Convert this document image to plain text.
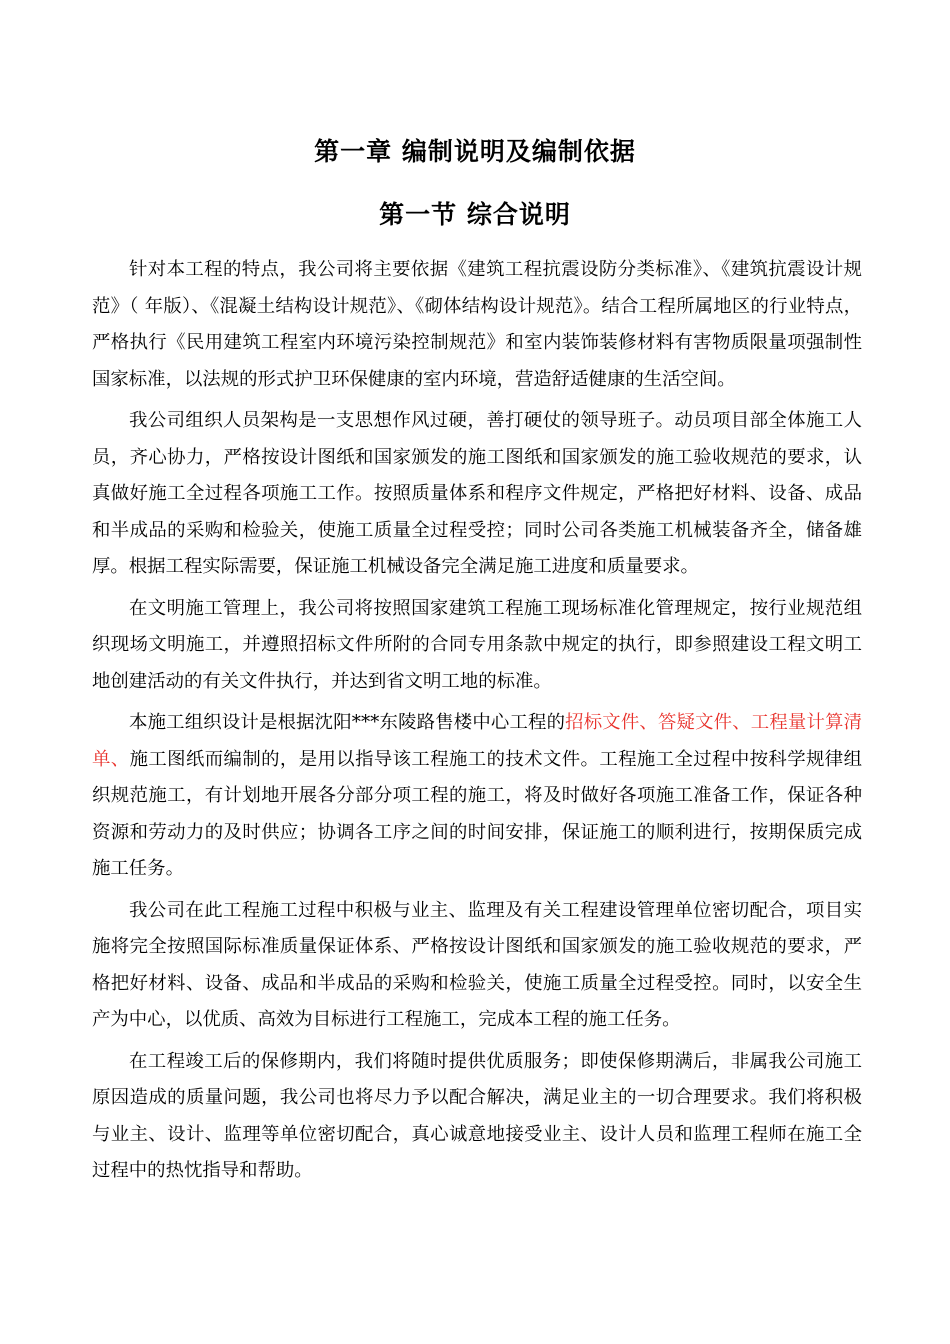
第一章 编制说明及编制依据
第一节 综合说明

针对本工程的特点，我公司将主要依据《建筑工程抗震设防分类标准》、《建筑抗震设计规范》（ 年版）、《混凝土结构设计规范》、《砌体结构设计规范》。结合工程所属地区的行业特点，严格执行《民用建筑工程室内环境污染控制规范》和室内装饰装修材料有害物质限量项强制性国家标准，以法规的形式护卫环保健康的室内环境，营造舒适健康的生活空间。

我公司组织人员架构是一支思想作风过硬，善打硬仗的领导班子。动员项目部全体施工人员，齐心协力，严格按设计图纸和国家颁发的施工图纸和国家颁发的施工验收规范的要求，认真做好施工全过程各项施工工作。按照质量体系和程序文件规定，严格把好材料、设备、成品和半成品的采购和检验关，使施工质量全过程受控；同时公司各类施工机械装备齐全，储备雄厚。根据工程实际需要，保证施工机械设备完全满足施工进度和质量要求。

在文明施工管理上，我公司将按照国家建筑工程施工现场标准化管理规定，按行业规范组织现场文明施工，并遵照招标文件所附的合同专用条款中规定的执行，即参照建设工程文明工地创建活动的有关文件执行，并达到省文明工地的标准。

本施工组织设计是根据沈阳***东陵路售楼中心工程的招标文件、答疑文件、工程量计算清单、施工图纸而编制的，是用以指导该工程施工的技术文件。工程施工全过程中按科学规律组织规范施工，有计划地开展各分部分项工程的施工，将及时做好各项施工准备工作，保证各种资源和劳动力的及时供应；协调各工序之间的时间安排，保证施工的顺利进行，按期保质完成施工任务。

我公司在此工程施工过程中积极与业主、监理及有关工程建设管理单位密切配合，项目实施将完全按照国际标准质量保证体系、严格按设计图纸和国家颁发的施工验收规范的要求，严格把好材料、设备、成品和半成品的采购和检验关，使施工质量全过程受控。同时，以安全生产为中心，以优质、高效为目标进行工程施工，完成本工程的施工任务。

在工程竣工后的保修期内，我们将随时提供优质服务；即使保修期满后，非属我公司施工原因造成的质量问题，我公司也将尽力予以配合解决，满足业主的一切合理要求。我们将积极与业主、设计、监理等单位密切配合，真心诚意地接受业主、设计人员和监理工程师在施工全过程中的热忱指导和帮助。
